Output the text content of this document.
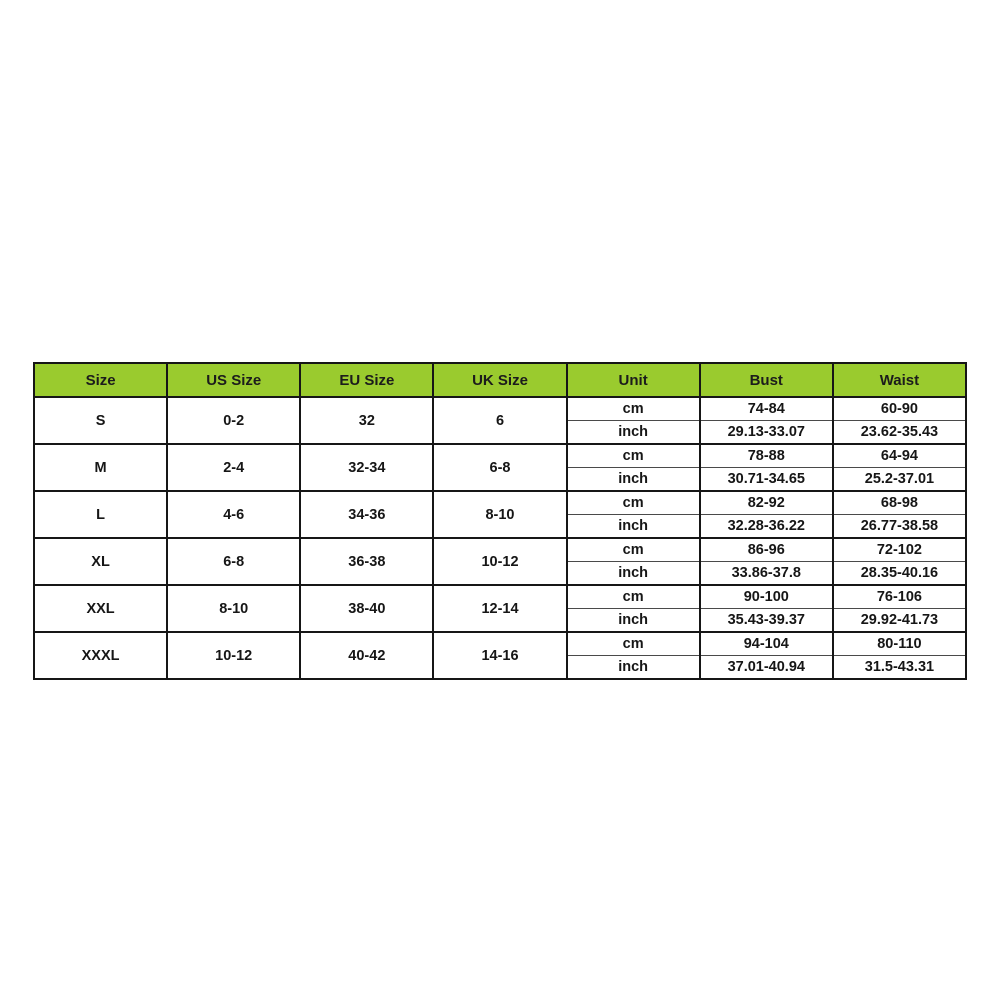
Size	US Size	EU Size	UK Size	Unit	Bust	Waist
S	0-2	32	6	cm	74-84	60-90
				inch	29.13-33.07	23.62-35.43
M	2-4	32-34	6-8	cm	78-88	64-94
				inch	30.71-34.65	25.2-37.01
L	4-6	34-36	8-10	cm	82-92	68-98
				inch	32.28-36.22	26.77-38.58
XL	6-8	36-38	10-12	cm	86-96	72-102
				inch	33.86-37.8	28.35-40.16
XXL	8-10	38-40	12-14	cm	90-100	76-106
				inch	35.43-39.37	29.92-41.73
XXXL	10-12	40-42	14-16	cm	94-104	80-110
				inch	37.01-40.94	31.5-43.31
